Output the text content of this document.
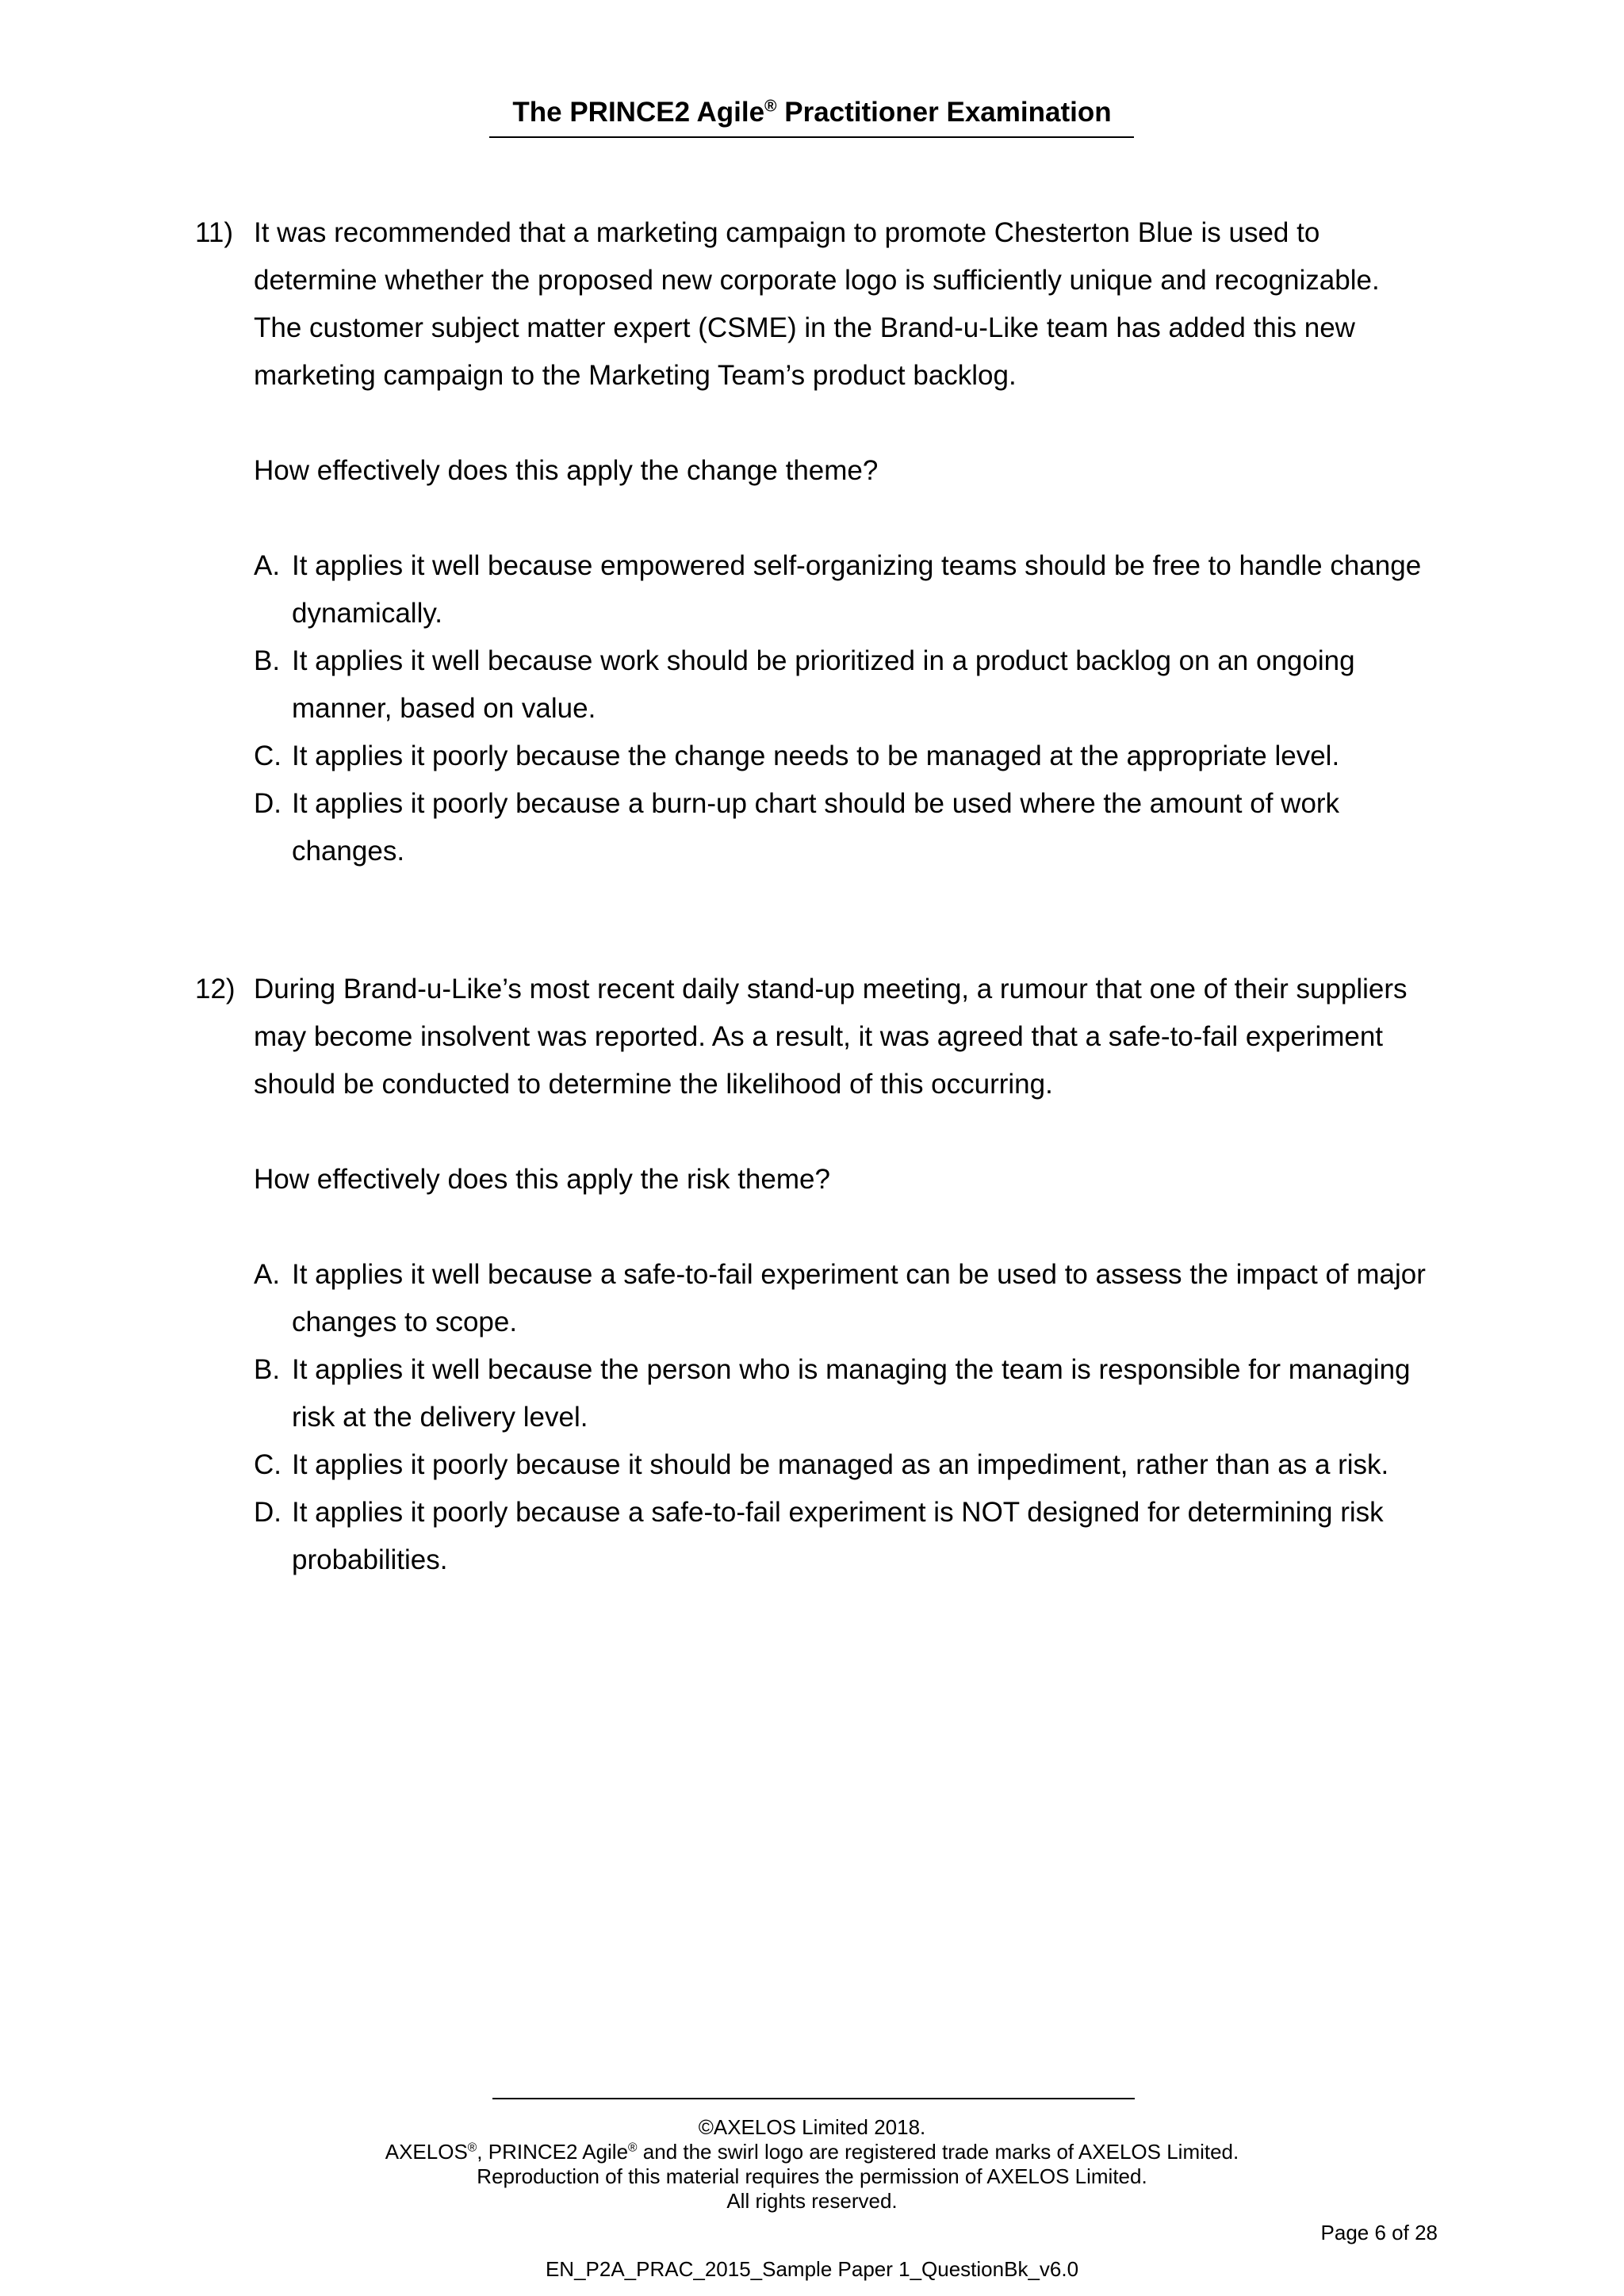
The PRINCE2 Agile® Practitioner Examination
11) It was recommended that a marketing campaign to promote Chesterton Blue is used to determine whether the proposed new corporate logo is sufficiently unique and recognizable. The customer subject matter expert (CSME) in the Brand-u-Like team has added this new marketing campaign to the Marketing Team’s product backlog.
How effectively does this apply the change theme?
A. It applies it well because empowered self-organizing teams should be free to handle change dynamically.
B. It applies it well because work should be prioritized in a product backlog on an ongoing manner, based on value.
C. It applies it poorly because the change needs to be managed at the appropriate level.
D. It applies it poorly because a burn-up chart should be used where the amount of work changes.
12) During Brand-u-Like’s most recent daily stand-up meeting, a rumour that one of their suppliers may become insolvent was reported. As a result, it was agreed that a safe-to-fail experiment should be conducted to determine the likelihood of this occurring.
How effectively does this apply the risk theme?
A. It applies it well because a safe-to-fail experiment can be used to assess the impact of major changes to scope.
B. It applies it well because the person who is managing the team is responsible for managing risk at the delivery level.
C. It applies it poorly because it should be managed as an impediment, rather than as a risk.
D. It applies it poorly because a safe-to-fail experiment is NOT designed for determining risk probabilities.
©AXELOS Limited 2018.
AXELOS®, PRINCE2 Agile® and the swirl logo are registered trade marks of AXELOS Limited.
Reproduction of this material requires the permission of AXELOS Limited.
All rights reserved.
Page 6 of 28
EN_P2A_PRAC_2015_Sample Paper 1_QuestionBk_v6.0
